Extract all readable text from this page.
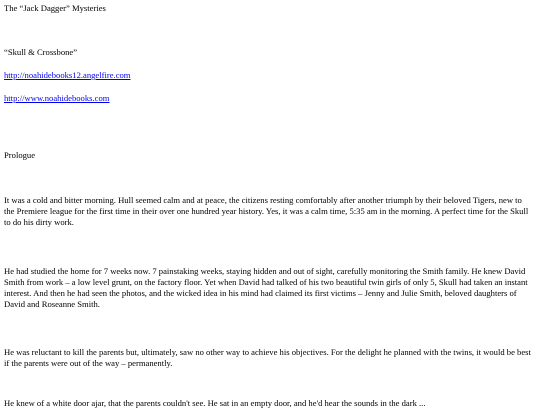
The “Jack Dagger” Mysteries
“Skull & Crossbone”
http://noahidebooks12.angelfire.com
http://www.noahidebooks.com
Prologue
It was a cold and bitter morning. Hull seemed calm and at peace, the citizens resting comfortably after another triumph by their beloved Tigers, new to the Premiere league for the first time in their over one hundred year history. Yes, it was a calm time, 5:35 am in the morning. A perfect time for the Skull to do his dirty work.
He had studied the home for 7 weeks now. 7 painstaking weeks, staying hidden and out of sight, carefully monitoring the Smith family. He knew David Smith from work – a low level grunt, on the factory floor. Yet when David had talked of his two beautiful twin girls of only 5, Skull had taken an instant interest. And then he had seen the photos, and the wicked idea in his mind had claimed its first victims – Jenny and Julie Smith, beloved daughters of David and Roseanne Smith.
He was reluctant to kill the parents but, ultimately, saw no other way to achieve his objectives. For the delight he planned with the twins, it would be best if the parents were out of the way – permanently.
He knew of a white door ajar, that the parents couldn't see. He sat in an empty door, and he'd hear the sounds in the dark ...
